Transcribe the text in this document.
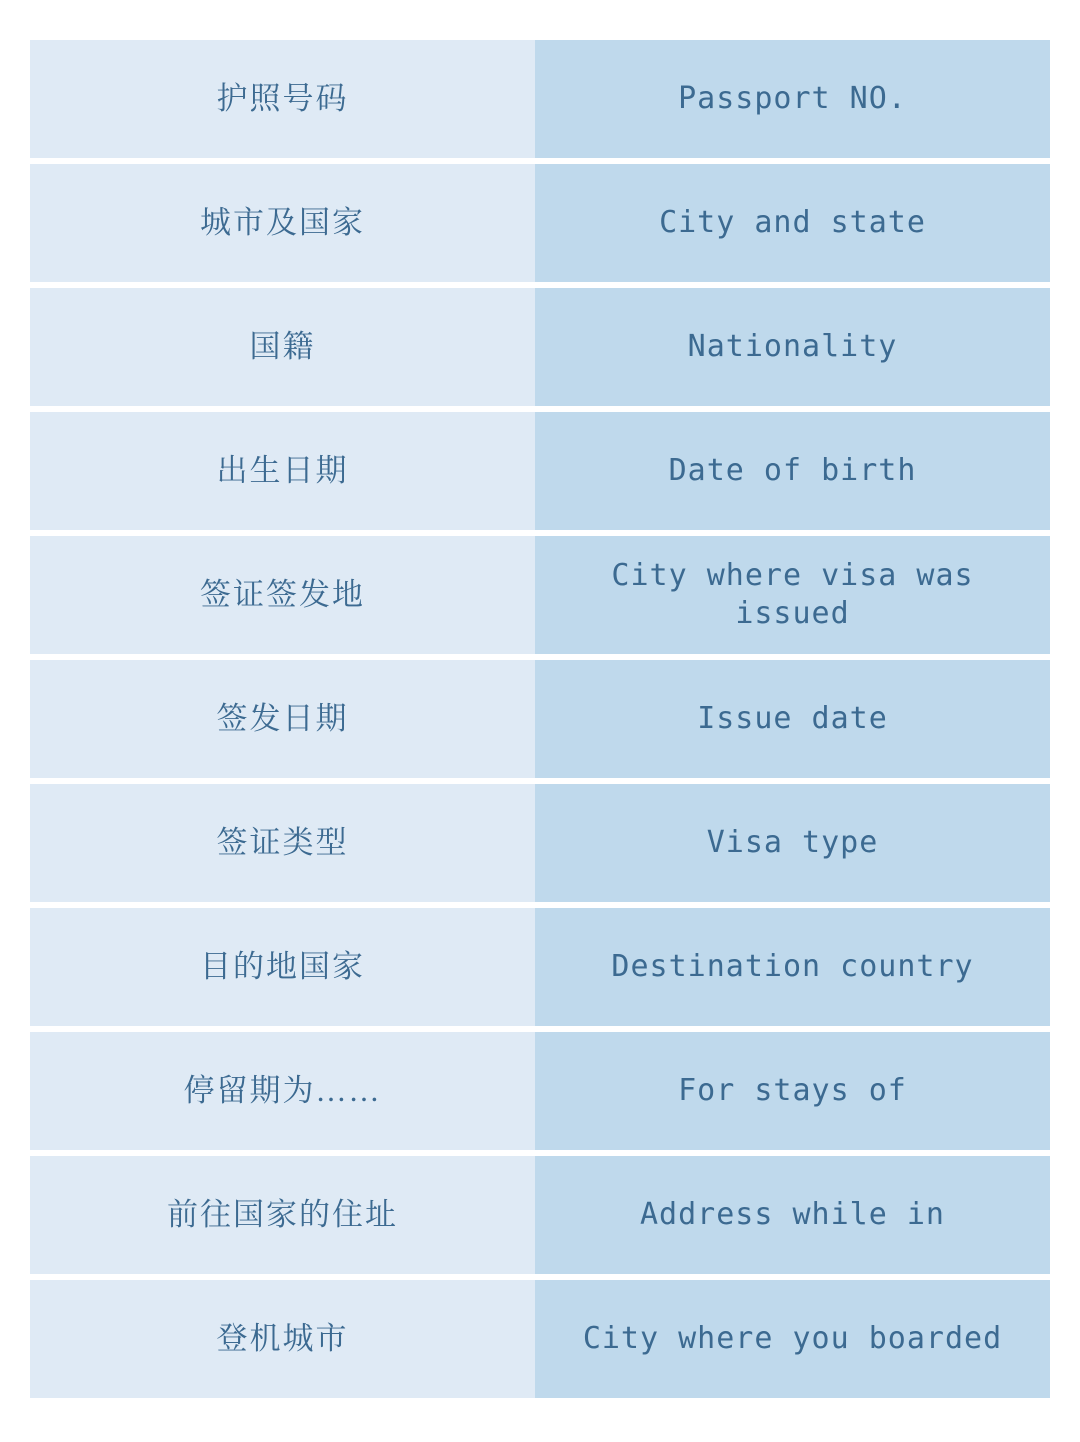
护照号码	Passport NO.
城市及国家	City and state
国籍	Nationality
出生日期	Date of birth
签证签发地	City where visa was issued
签发日期	Issue date
签证类型	Visa type
目的地国家	Destination country
停留期为……	For stays of
前往国家的住址	Address while in
登机城市	City where you boarded
